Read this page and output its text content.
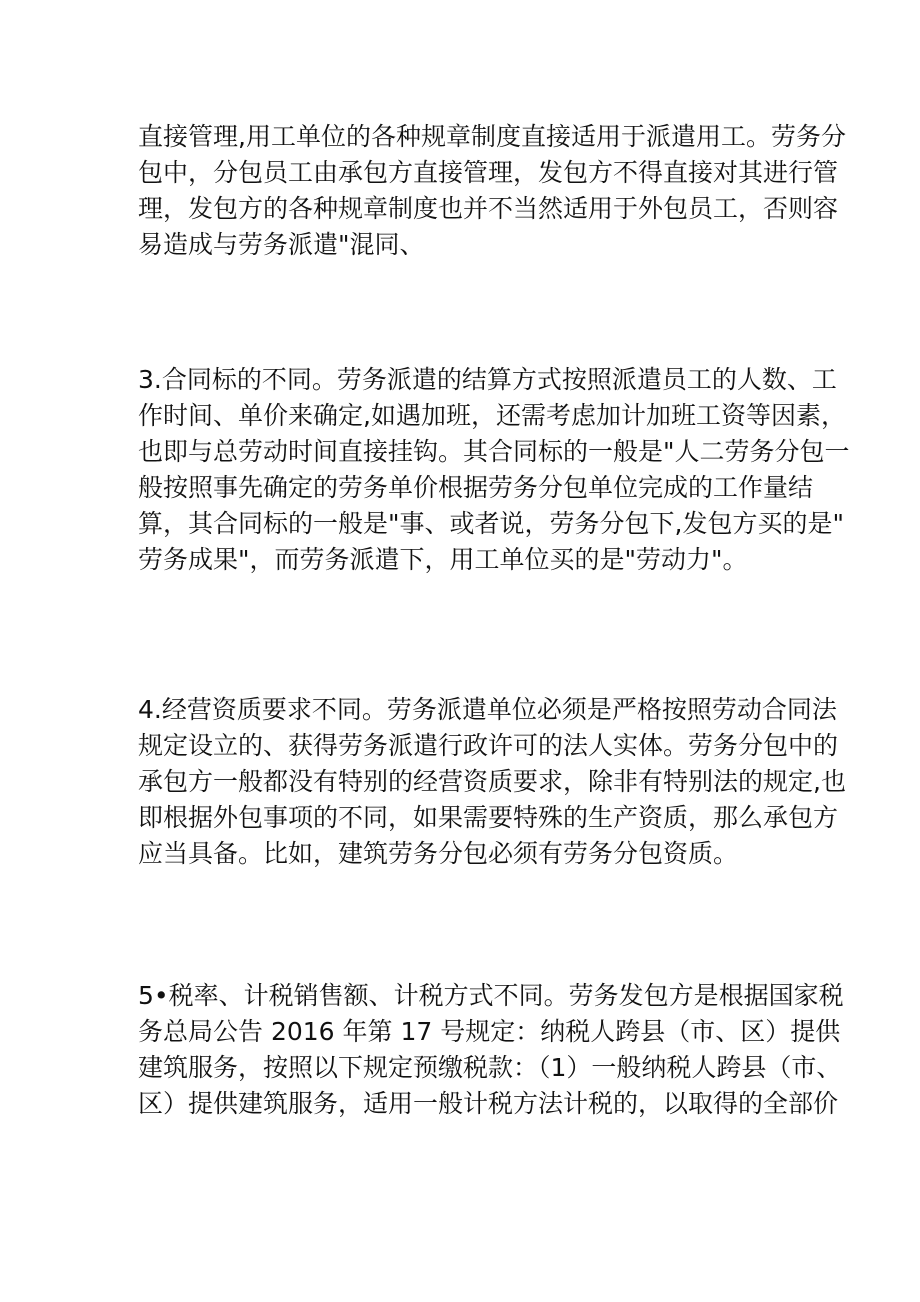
直接管理,用工单位的各种规章制度直接适用于派遣用工。劳务分
包中，分包员工由承包方直接管理，发包方不得直接对其进行管
理，发包方的各种规章制度也并不当然适用于外包员工，否则容
易造成与劳务派遣"混同、

3.合同标的不同。劳务派遣的结算方式按照派遣员工的人数、工
作时间、单价来确定,如遇加班，还需考虑加计加班工资等因素，
也即与总劳动时间直接挂钩。其合同标的一般是"人二劳务分包一
般按照事先确定的劳务单价根据劳务分包单位完成的工作量结
算，其合同标的一般是"事、或者说，劳务分包下,发包方买的是"
劳务成果"，而劳务派遣下，用工单位买的是"劳动力"。

4.经营资质要求不同。劳务派遣单位必须是严格按照劳动合同法
规定设立的、获得劳务派遣行政许可的法人实体。劳务分包中的
承包方一般都没有特别的经营资质要求，除非有特别法的规定,也
即根据外包事项的不同，如果需要特殊的生产资质，那么承包方
应当具备。比如，建筑劳务分包必须有劳务分包资质。

5•税率、计税销售额、计税方式不同。劳务发包方是根据国家税
务总局公告 2016 年第 17 号规定：纳税人跨县（市、区）提供
建筑服务，按照以下规定预缴税款：（1）一般纳税人跨县（市、
区）提供建筑服务，适用一般计税方法计税的，以取得的全部价
